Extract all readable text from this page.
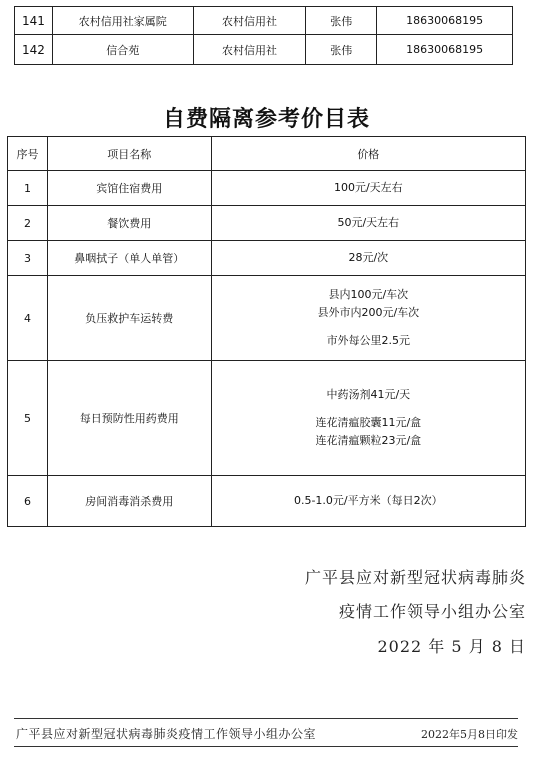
141	农村信用社家属院	农村信用社	张伟	18630068195
142	信合苑	农村信用社	张伟	18630068195
自费隔离参考价目表
序号	项目名称	价格
1	宾馆住宿费用	100元/天左右

2	餐饮费用	50元/天左右

3	鼻咽拭子（单人单管）	28元/次

4	负压救护车运转费	县内100元/车次
县外市内200元/车次
市外每公里2.5元

5	每日预防性用药费用	中药汤剂41元/天
连花清瘟胶囊11元/盒
连花清瘟颗粒23元/盒

6	房间消毒消杀费用	0.5-1.0元/平方米（每日2次）
广平县应对新型冠状病毒肺炎
疫情工作领导小组办公室
2022 年 5 月 8 日
广平县应对新型冠状病毒肺炎疫情工作领导小组办公室	2022年5月8日印发
